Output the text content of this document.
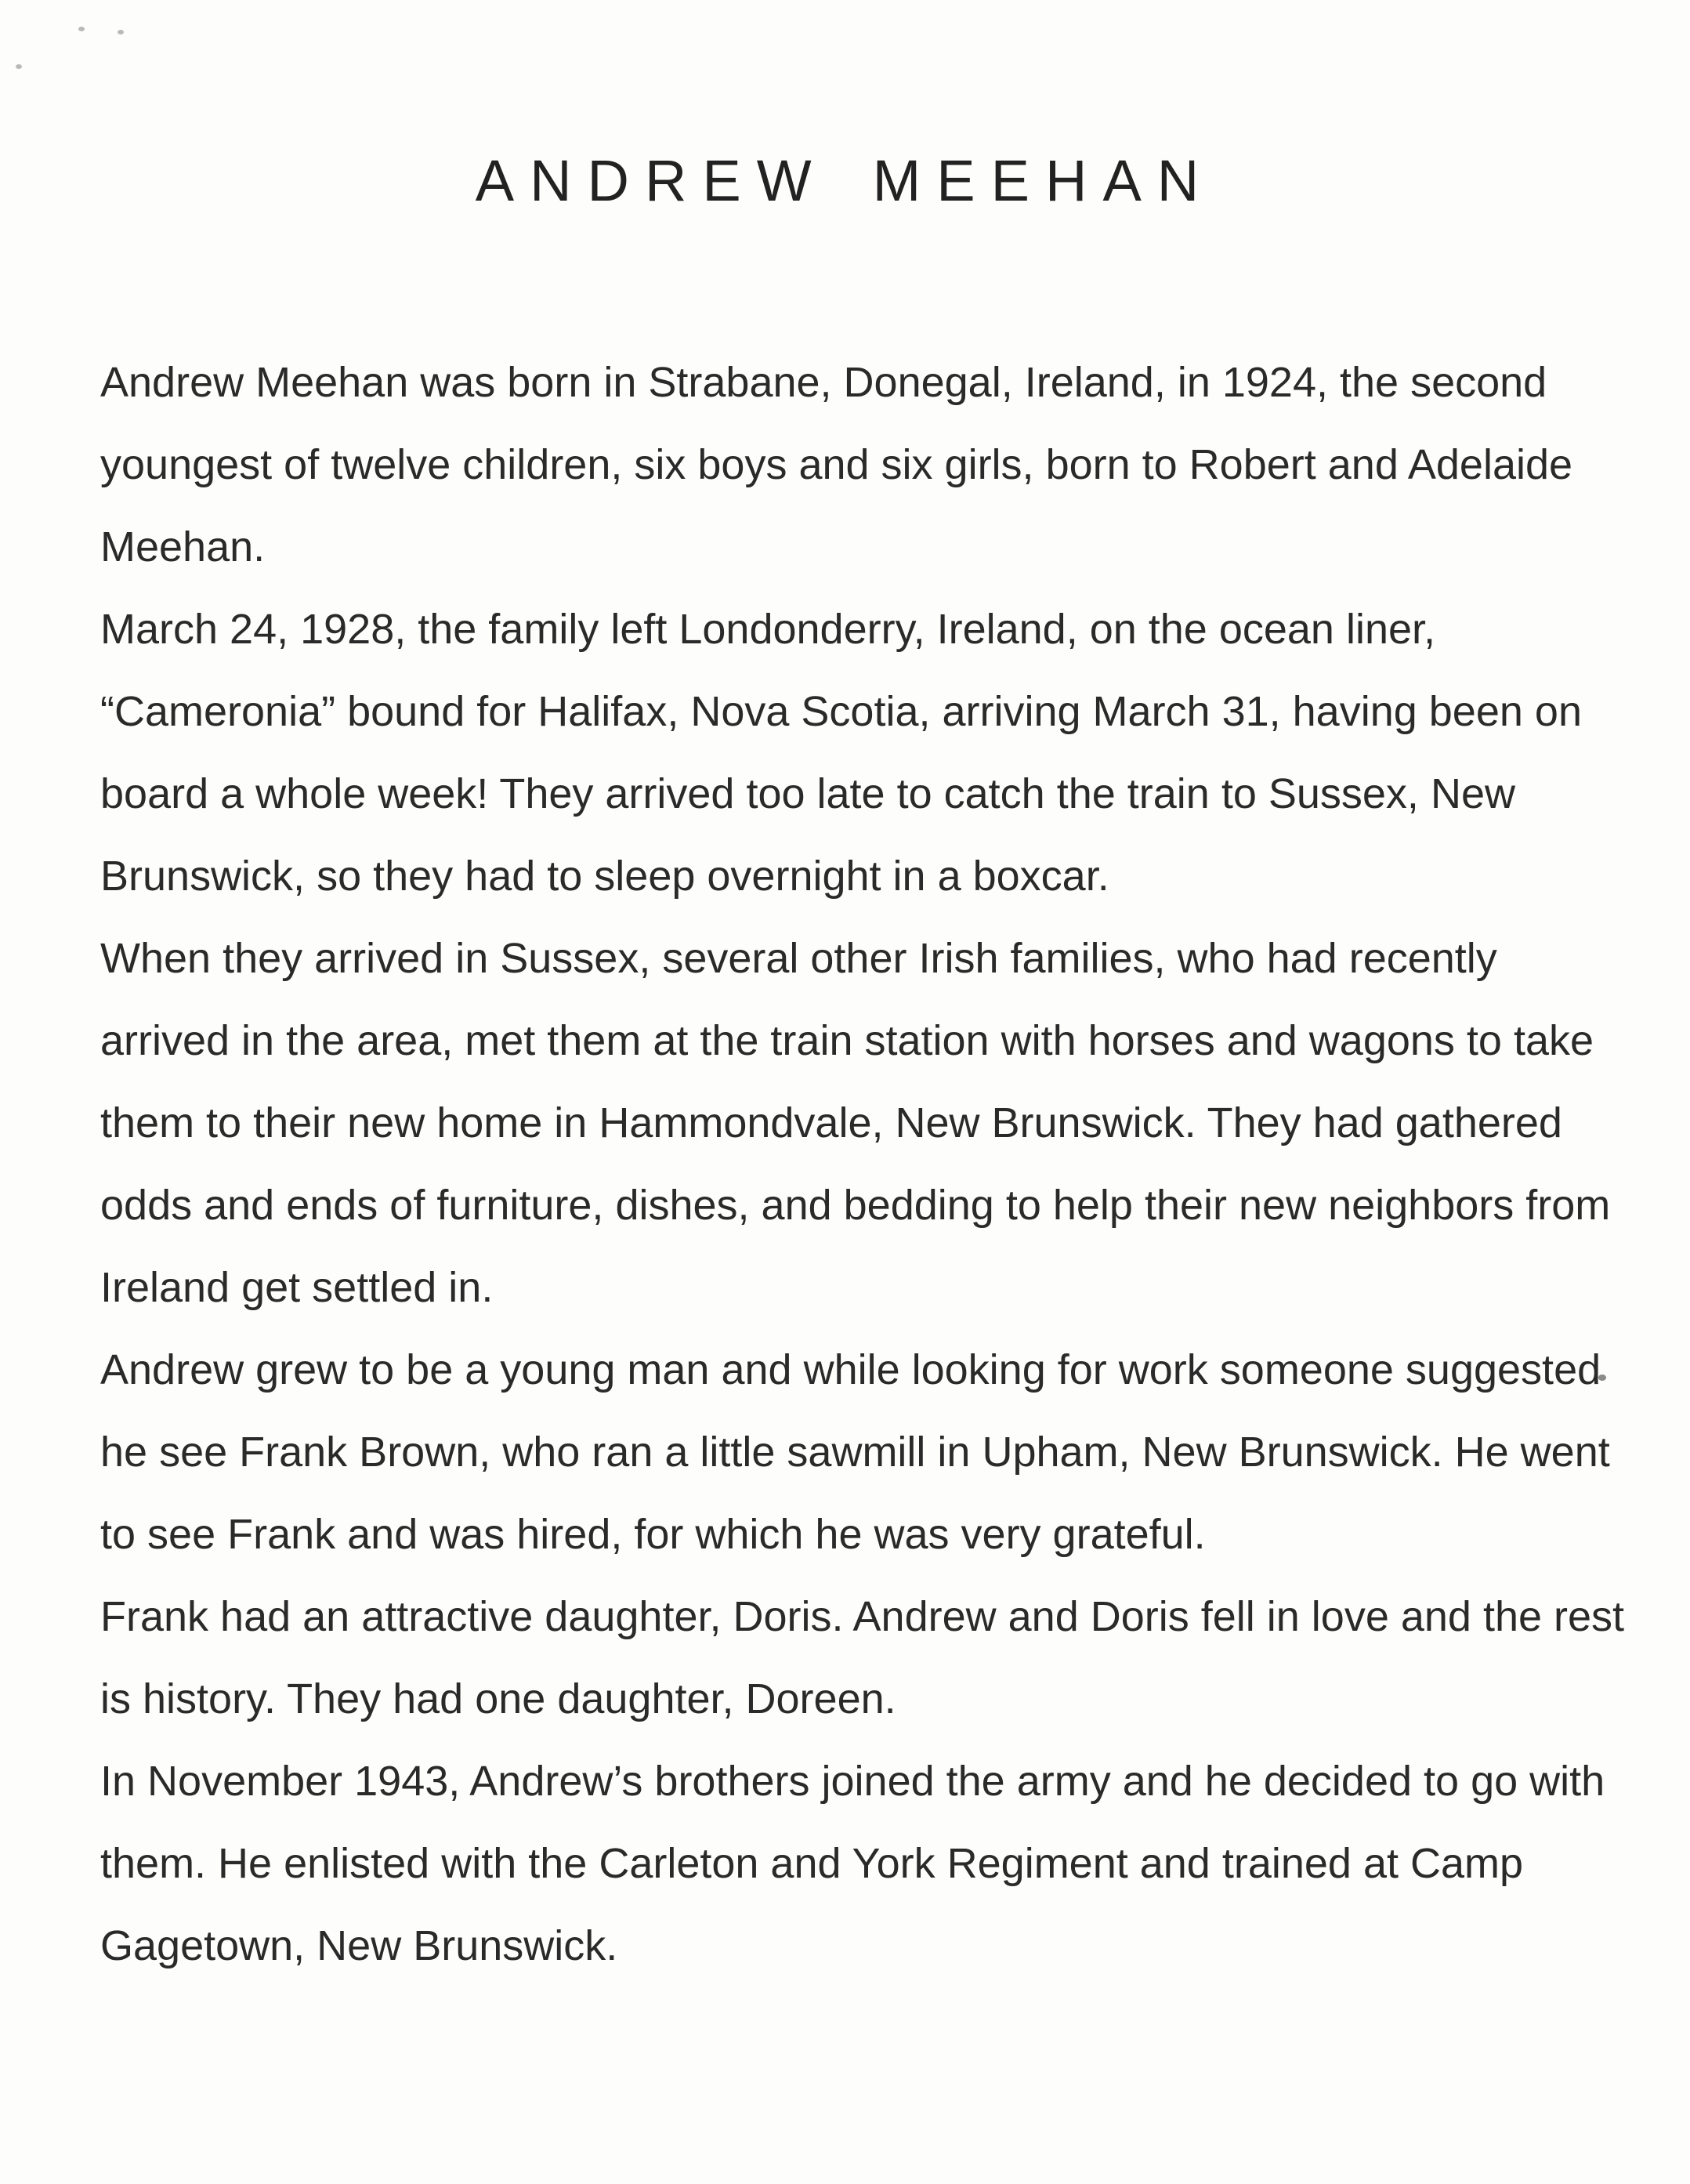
ANDREW MEEHAN

Andrew Meehan was born in Strabane, Donegal, Ireland, in 1924, the second youngest of twelve children, six boys and six girls, born to Robert and Adelaide Meehan.

March 24, 1928, the family left Londonderry, Ireland, on the ocean liner, “Cameronia” bound for Halifax, Nova Scotia, arriving March 31, having been on board a whole week! They arrived too late to catch the train to Sussex, New Brunswick, so they had to sleep overnight in a boxcar.

When they arrived in Sussex, several other Irish families, who had recently arrived in the area, met them at the train station with horses and wagons to take them to their new home in Hammondvale, New Brunswick. They had gathered odds and ends of furniture, dishes, and bedding to help their new neighbors from Ireland get settled in.

Andrew grew to be a young man and while looking for work someone suggested he see Frank Brown, who ran a little sawmill in Upham, New Brunswick. He went to see Frank and was hired, for which he was very grateful.

Frank had an attractive daughter, Doris. Andrew and Doris fell in love and the rest is history. They had one daughter, Doreen.

In November 1943, Andrew’s brothers joined the army and he decided to go with them. He enlisted with the Carleton and York Regiment and trained at Camp Gagetown, New Brunswick.
